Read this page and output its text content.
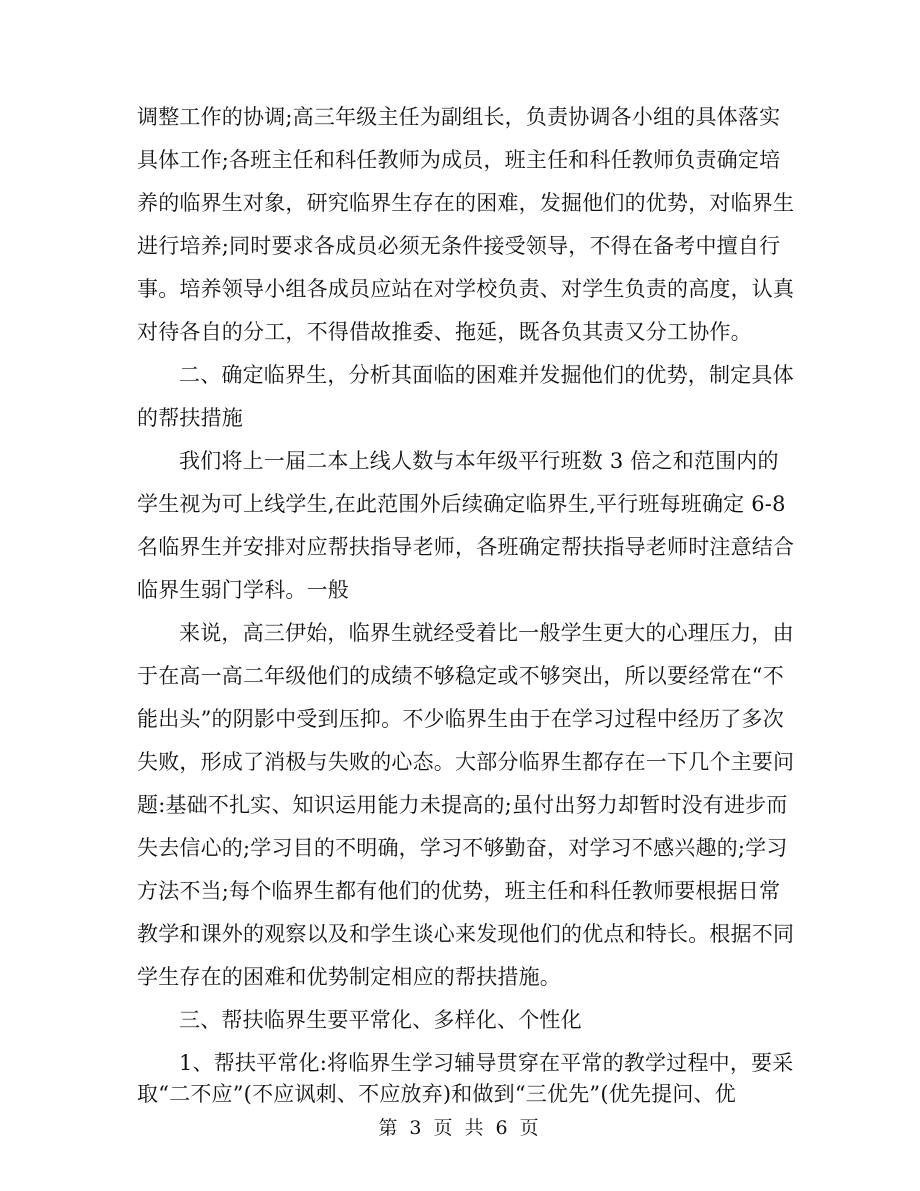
调整工作的协调;高三年级主任为副组长，负责协调各小组的具体落实
具体工作;各班主任和科任教师为成员，班主任和科任教师负责确定培
养的临界生对象，研究临界生存在的困难，发掘他们的优势，对临界生
进行培养;同时要求各成员必须无条件接受领导，不得在备考中擅自行
事。培养领导小组各成员应站在对学校负责、对学生负责的高度，认真
对待各自的分工，不得借故推委、拖延，既各负其责又分工协作。
二、确定临界生，分析其面临的困难并发掘他们的优势，制定具体
的帮扶措施
我们将上一届二本上线人数与本年级平行班数 3 倍之和范围内的
学生视为可上线学生,在此范围外后续确定临界生,平行班每班确定 6-8
名临界生并安排对应帮扶指导老师，各班确定帮扶指导老师时注意结合
临界生弱门学科。一般
来说，高三伊始，临界生就经受着比一般学生更大的心理压力，由
于在高一高二年级他们的成绩不够稳定或不够突出，所以要经常在“不
能出头”的阴影中受到压抑。不少临界生由于在学习过程中经历了多次
失败，形成了消极与失败的心态。大部分临界生都存在一下几个主要问
题:基础不扎实、知识运用能力未提高的;虽付出努力却暂时没有进步而
失去信心的;学习目的不明确，学习不够勤奋，对学习不感兴趣的;学习
方法不当;每个临界生都有他们的优势，班主任和科任教师要根据日常
教学和课外的观察以及和学生谈心来发现他们的优点和特长。根据不同
学生存在的困难和优势制定相应的帮扶措施。
三、帮扶临界生要平常化、多样化、个性化
1、帮扶平常化:将临界生学习辅导贯穿在平常的教学过程中，要采
取“二不应”(不应讽刺、不应放弃)和做到“三优先”(优先提问、优
第 3 页 共 6 页
